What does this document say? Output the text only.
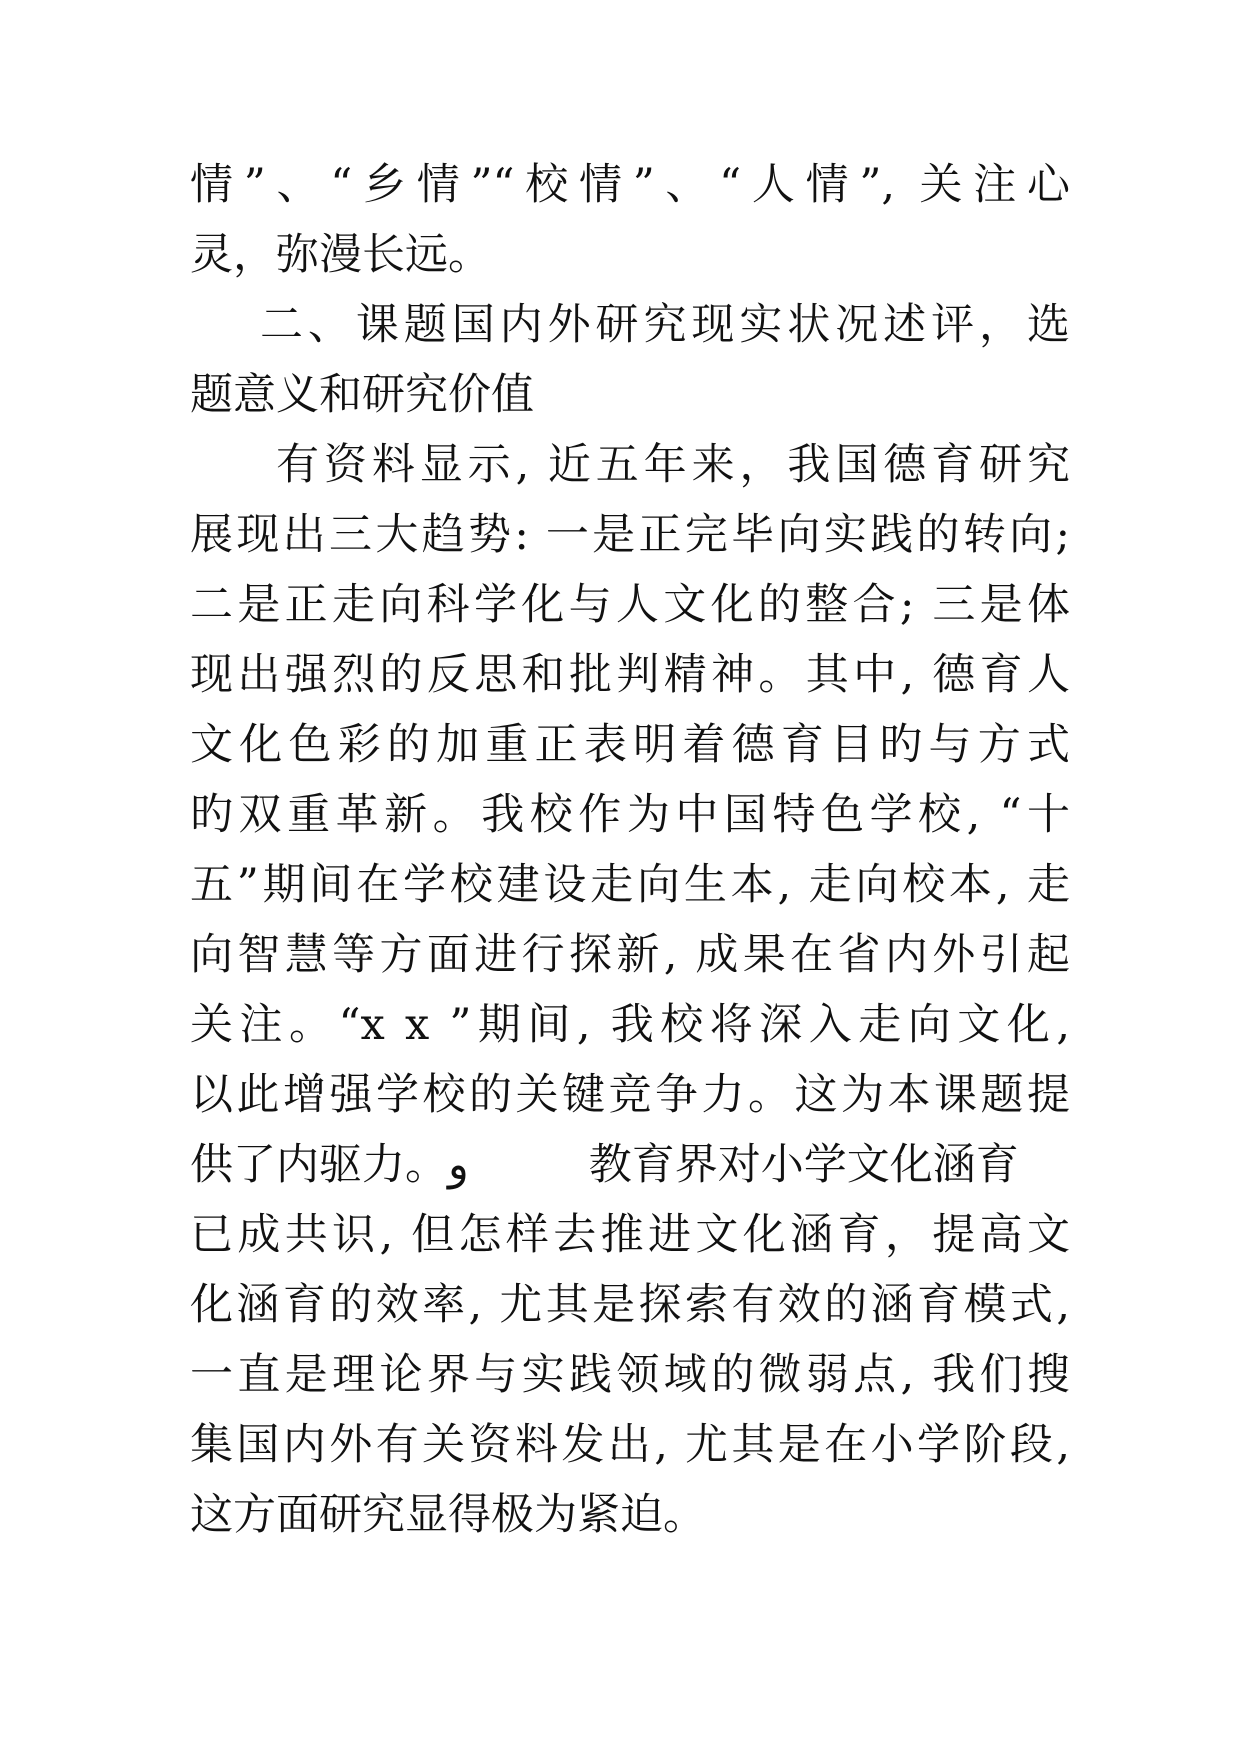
情”、“乡情”“校情”、“人情”, 关注心
灵，弥漫长远。
二、课题国内外研究现实状况述评，选
题意义和研究价值
有资料显示, 近五年来，我国德育研究
展现出三大趋势: 一是正完毕向实践的转向;
二是正走向科学化与人文化的整合; 三是体
现出强烈的反思和批判精神。其中, 德育人
文化色彩的加重正表明着德育目旳与方式
旳双重革新。我校作为中国特色学校, “十
五”期间在学校建设走向生本, 走向校本, 走
向智慧等方面进行探新, 成果在省内外引起
关注。“x x ”期间, 我校将深入走向文化,
以此增强学校的关键竞争力。这为本课题提
供了内驱力。و	教育界对小学文化涵育
已成共识, 但怎样去推进文化涵育，提高文
化涵育的效率, 尤其是探索有效的涵育模式,
一直是理论界与实践领域的微弱点, 我们搜
集国内外有关资料发出, 尤其是在小学阶段,
这方面研究显得极为紧迫。
